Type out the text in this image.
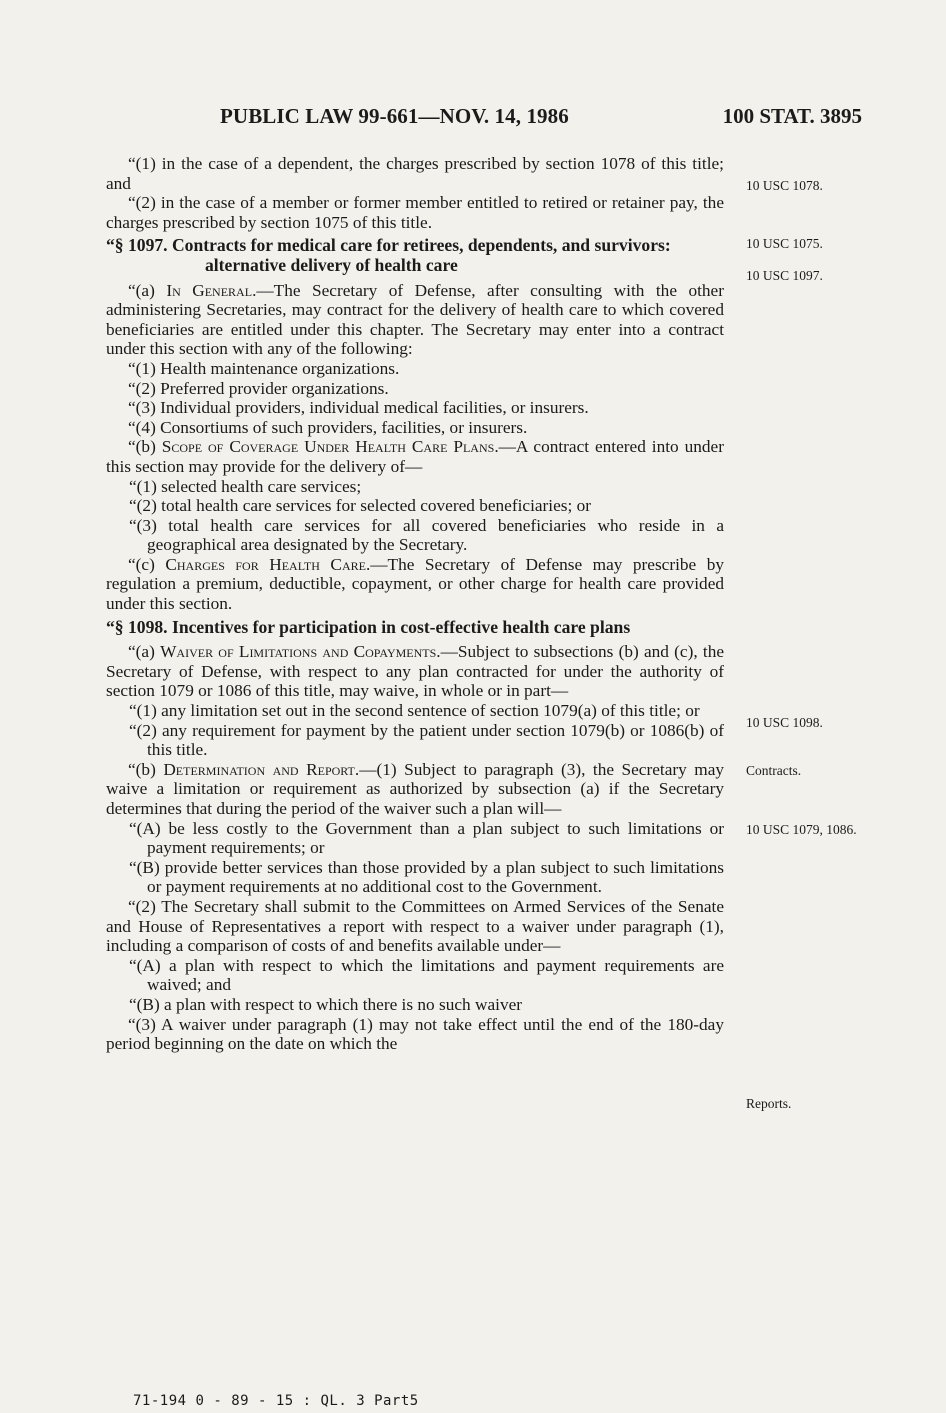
PUBLIC LAW 99-661—NOV. 14, 1986	100 STAT. 3895

“(1) in the case of a dependent, the charges prescribed by section 1078 of this title; and

“(2) in the case of a member or former member entitled to retired or retainer pay, the charges prescribed by section 1075 of this title.

“§ 1097. Contracts for medical care for retirees, dependents, and survivors: alternative delivery of health care

“(a) In General.—The Secretary of Defense, after consulting with the other administering Secretaries, may contract for the delivery of health care to which covered beneficiaries are entitled under this chapter. The Secretary may enter into a contract under this section with any of the following:

“(1) Health maintenance organizations.

“(2) Preferred provider organizations.

“(3) Individual providers, individual medical facilities, or insurers.

“(4) Consortiums of such providers, facilities, or insurers.

“(b) Scope of Coverage Under Health Care Plans.—A contract entered into under this section may provide for the delivery of—

“(1) selected health care services;

“(2) total health care services for selected covered beneficiaries; or

“(3) total health care services for all covered beneficiaries who reside in a geographical area designated by the Secretary.

“(c) Charges for Health Care.—The Secretary of Defense may prescribe by regulation a premium, deductible, copayment, or other charge for health care provided under this section.

“§ 1098. Incentives for participation in cost-effective health care plans

“(a) Waiver of Limitations and Copayments.—Subject to subsections (b) and (c), the Secretary of Defense, with respect to any plan contracted for under the authority of section 1079 or 1086 of this title, may waive, in whole or in part—

“(1) any limitation set out in the second sentence of section 1079(a) of this title; or

“(2) any requirement for payment by the patient under section 1079(b) or 1086(b) of this title.

“(b) Determination and Report.—(1) Subject to paragraph (3), the Secretary may waive a limitation or requirement as authorized by subsection (a) if the Secretary determines that during the period of the waiver such a plan will—

“(A) be less costly to the Government than a plan subject to such limitations or payment requirements; or

“(B) provide better services than those provided by a plan subject to such limitations or payment requirements at no additional cost to the Government.

“(2) The Secretary shall submit to the Committees on Armed Services of the Senate and House of Representatives a report with respect to a waiver under paragraph (1), including a comparison of costs of and benefits available under—

“(A) a plan with respect to which the limitations and payment requirements are waived; and

“(B) a plan with respect to which there is no such waiver

“(3) A waiver under paragraph (1) may not take effect until the end of the 180-day period beginning on the date on which the

10 USC 1078.
10 USC 1075.
10 USC 1097.
10 USC 1098.
Contracts.
10 USC 1079, 1086.
Reports.
71-194 0 - 89 - 15 : QL. 3 Part5
